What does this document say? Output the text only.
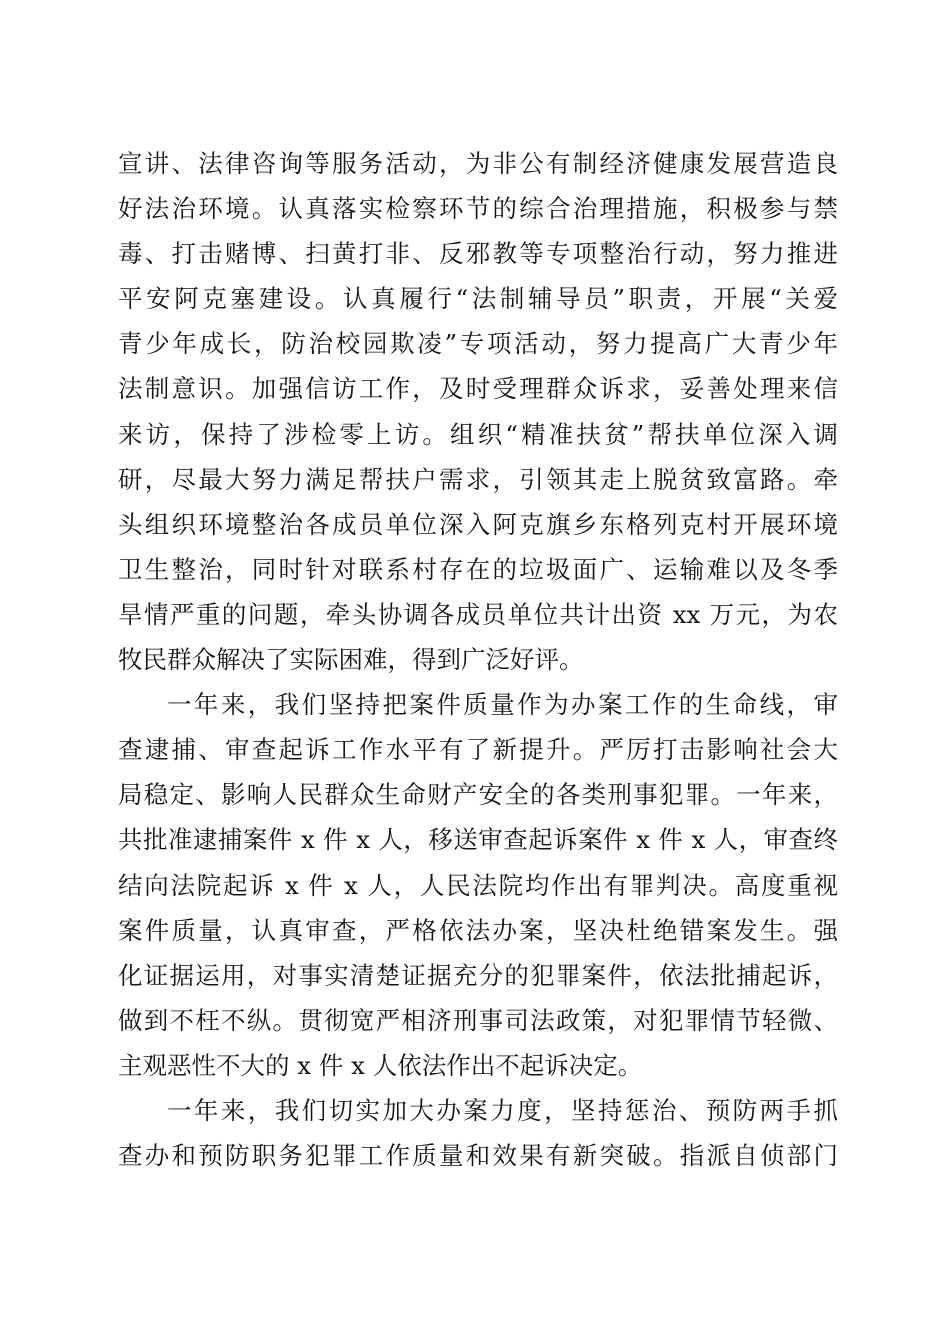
宣讲、法律咨询等服务活动，为非公有制经济健康发展营造良
好法治环境。认真落实检察环节的综合治理措施，积极参与禁
毒、打击赌博、扫黄打非、反邪教等专项整治行动，努力推进
平安阿克塞建设。认真履行“法制辅导员”职责，开展“关爱
青少年成长，防治校园欺凌”专项活动，努力提高广大青少年
法制意识。加强信访工作，及时受理群众诉求，妥善处理来信
来访，保持了涉检零上访。组织“精准扶贫”帮扶单位深入调
研，尽最大努力满足帮扶户需求，引领其走上脱贫致富路。牵
头组织环境整治各成员单位深入阿克旗乡东格列克村开展环境
卫生整治，同时针对联系村存在的垃圾面广、运输难以及冬季
旱情严重的问题，牵头协调各成员单位共计出资 xx 万元，为农
牧民群众解决了实际困难，得到广泛好评。
一年来，我们坚持把案件质量作为办案工作的生命线，审
查逮捕、审查起诉工作水平有了新提升。严厉打击影响社会大
局稳定、影响人民群众生命财产安全的各类刑事犯罪。一年来，
共批准逮捕案件 x 件 x 人，移送审查起诉案件 x 件 x 人，审查终
结向法院起诉 x 件 x 人，人民法院均作出有罪判决。高度重视
案件质量，认真审查，严格依法办案，坚决杜绝错案发生。强
化证据运用，对事实清楚证据充分的犯罪案件，依法批捕起诉，
做到不枉不纵。贯彻宽严相济刑事司法政策，对犯罪情节轻微、
主观恶性不大的 x 件 x 人依法作出不起诉决定。
一年来，我们切实加大办案力度，坚持惩治、预防两手抓
查办和预防职务犯罪工作质量和效果有新突破。指派自侦部门
